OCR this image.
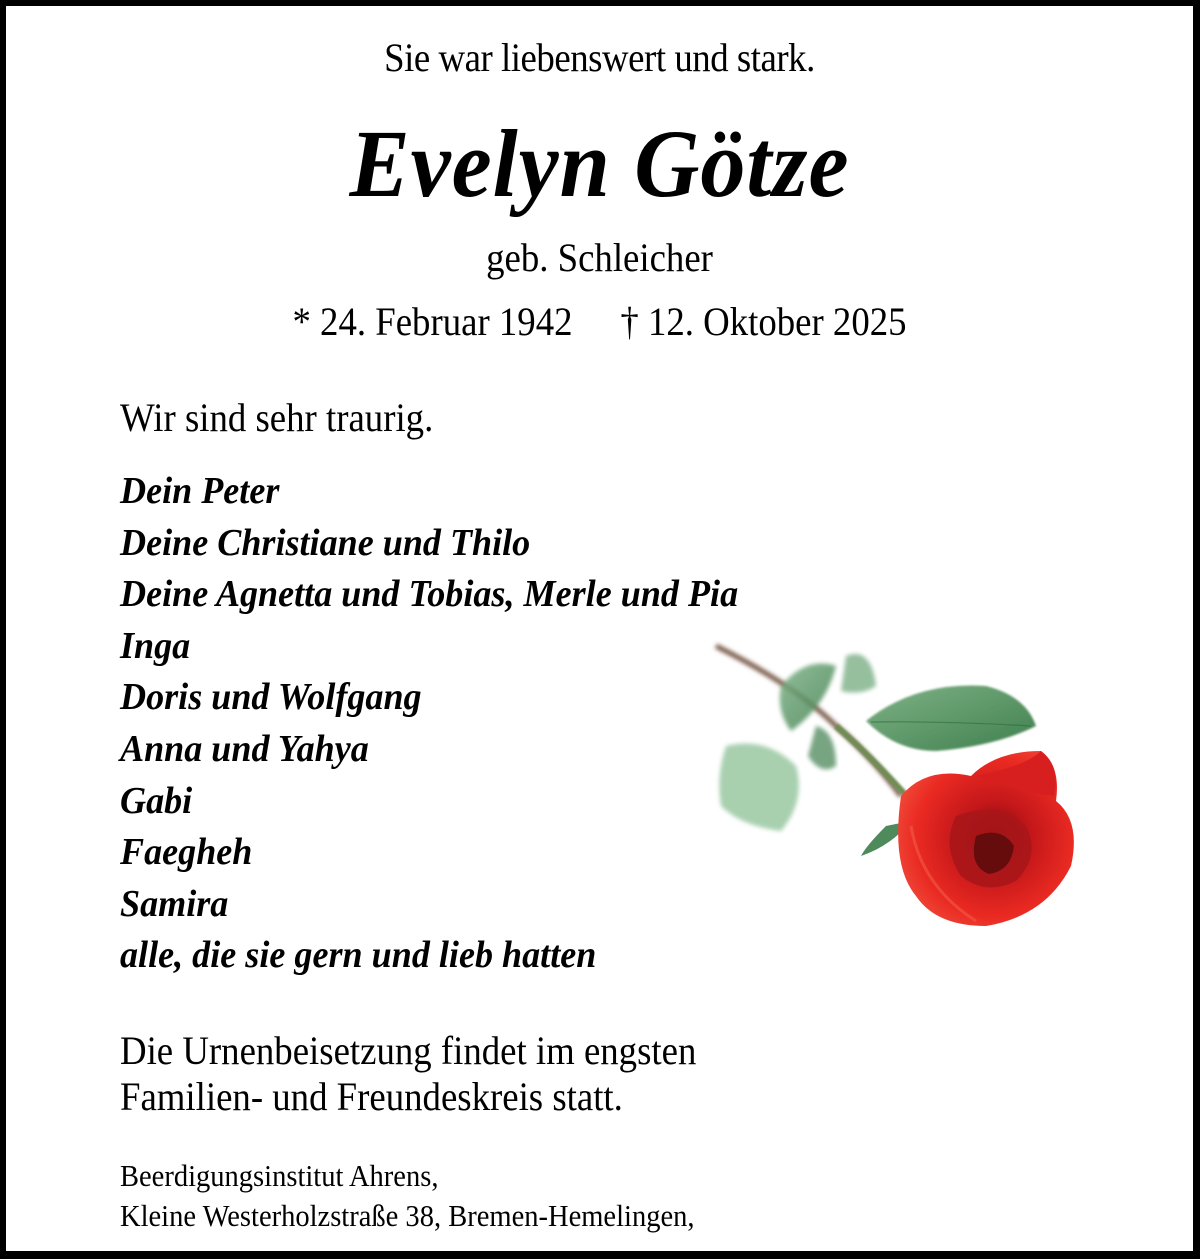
Sie war liebenswert und stark.
Evelyn Götze
geb. Schleicher
* 24. Februar 1942 † 12. Oktober 2025
Wir sind sehr traurig.
Dein Peter
Deine Christiane und Thilo
Deine Agnetta und Tobias, Merle und Pia
Inga
Doris und Wolfgang
Anna und Yahya
Gabi
Faegheh
Samira
alle, die sie gern und lieb hatten
Die Urnenbeisetzung findet im engsten
Familien- und Freundeskreis statt.
Beerdigungsinstitut Ahrens,
Kleine Westerholzstraße 38, Bremen-Hemelingen,
